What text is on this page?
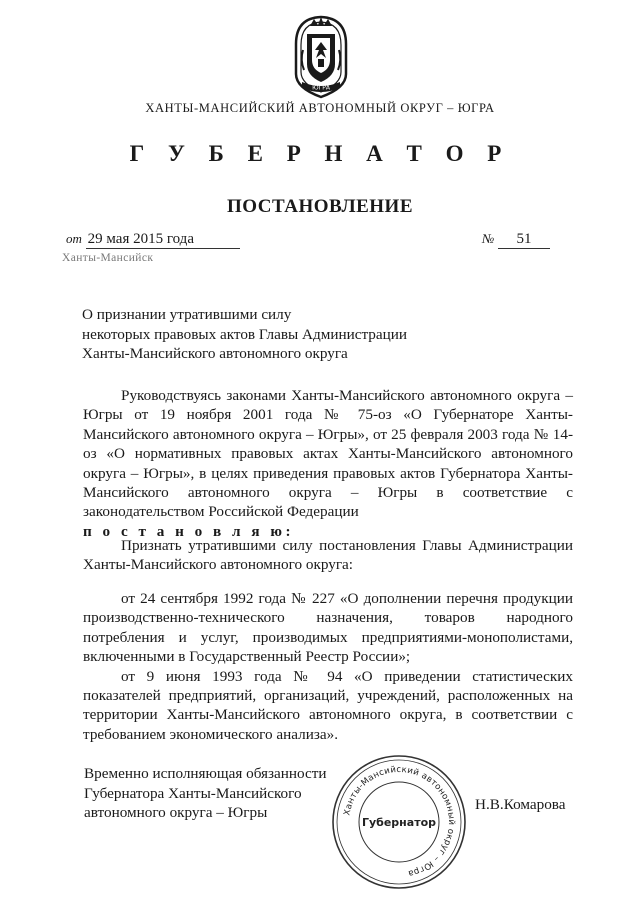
ЮГРА
ХАНТЫ-МАНСИЙСКИЙ АВТОНОМНЫЙ ОКРУГ – ЮГРА
Г У Б Е Р Н А Т О Р
ПОСТАНОВЛЕНИЕ
от 29 мая 2015 года	№ 51
Ханты-Мансийск
О признании утратившими силу
некоторых правовых актов Главы Администрации
Ханты-Мансийского автономного округа

Руководствуясь законами Ханты-Мансийского автономного округа – Югры от 19 ноября 2001 года № 75-оз «О Губернаторе Ханты-Мансийского автономного округа – Югры», от 25 февраля 2003 года № 14-оз «О нормативных правовых актах Ханты-Мансийского автономного округа – Югры», в целях приведения правовых актов Губернатора Ханты-Мансийского автономного округа – Югры в соответствие с законодательством Российской Федерации

п о с т а н о в л я ю:

Признать утратившими силу постановления Главы Администрации Ханты-Мансийского автономного округа:

от 24 сентября 1992 года № 227 «О дополнении перечня продукции производственно-технического назначения, товаров народного потребления и услуг, производимых предприятиями-монополистами, включенными в Государственный Реестр России»;

от 9 июня 1993 года № 94 «О приведении статистических показателей предприятий, организаций, учреждений, расположенных на территории Ханты-Мансийского автономного округа, в соответствии с требованием экономического анализа».

Временно исполняющая обязанности
Губернатора Ханты-Мансийского
автономного округа – Югры	Ханты-Мансийский автономный округ – Югра
Губернатор
Н.В.Комарова
